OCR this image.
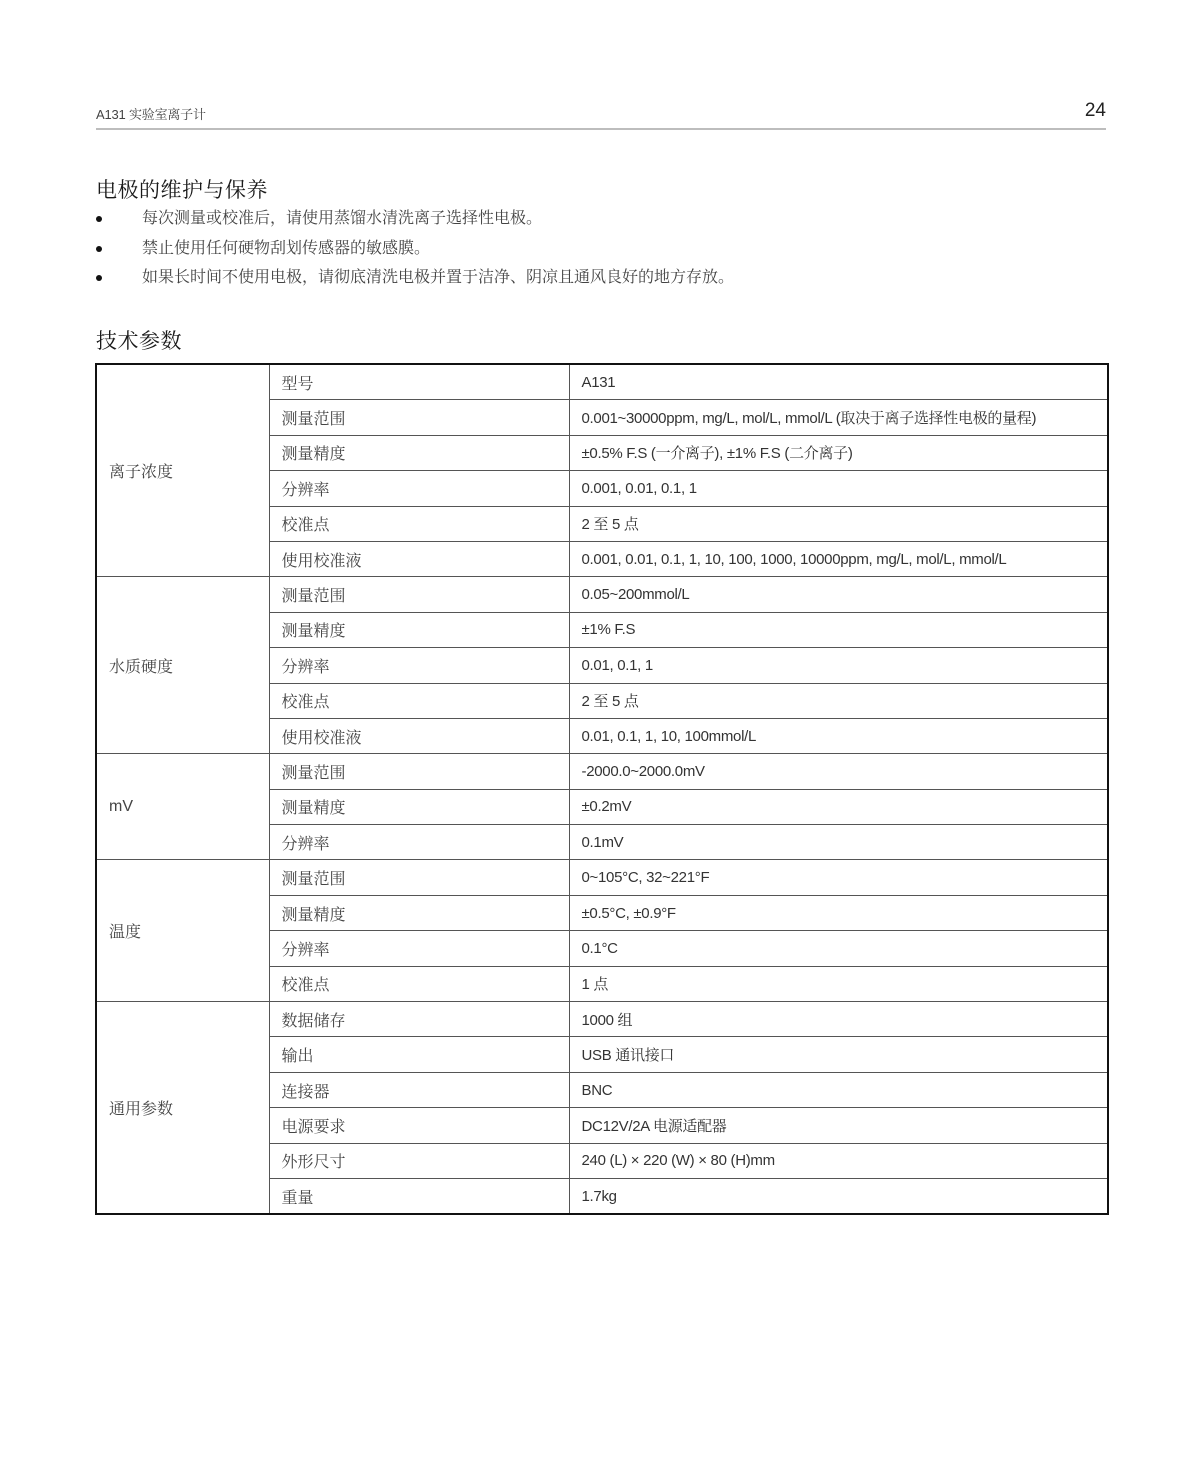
A131 实验室离子计	24
电极的维护与保养
每次测量或校准后，请使用蒸馏水清洗离子选择性电极。
禁止使用任何硬物刮划传感器的敏感膜。
如果长时间不使用电极，请彻底清洗电极并置于洁净、阴凉且通风良好的地方存放。
技术参数
离子浓度	型号	A131
	测量范围	0.001~30000ppm, mg/L, mol/L, mmol/L (取决于离子选择性电极的量程)
	测量精度	±0.5% F.S (一介离子), ±1% F.S (二介离子)
	分辨率	0.001, 0.01, 0.1, 1
	校准点	2 至 5 点
	使用校准液	0.001, 0.01, 0.1, 1, 10, 100, 1000, 10000ppm, mg/L, mol/L, mmol/L
水质硬度	测量范围	0.05~200mmol/L
	测量精度	±1% F.S
	分辨率	0.01, 0.1, 1
	校准点	2 至 5 点
	使用校准液	0.01, 0.1, 1, 10, 100mmol/L
mV	测量范围	-2000.0~2000.0mV
	测量精度	±0.2mV
	分辨率	0.1mV
温度	测量范围	0~105°C, 32~221°F
	测量精度	±0.5°C, ±0.9°F
	分辨率	0.1°C
	校准点	1 点
通用参数	数据储存	1000 组
	输出	USB 通讯接口
	连接器	BNC
	电源要求	DC12V/2A 电源适配器
	外形尺寸	240 (L) × 220 (W) × 80 (H)mm
	重量	1.7kg
